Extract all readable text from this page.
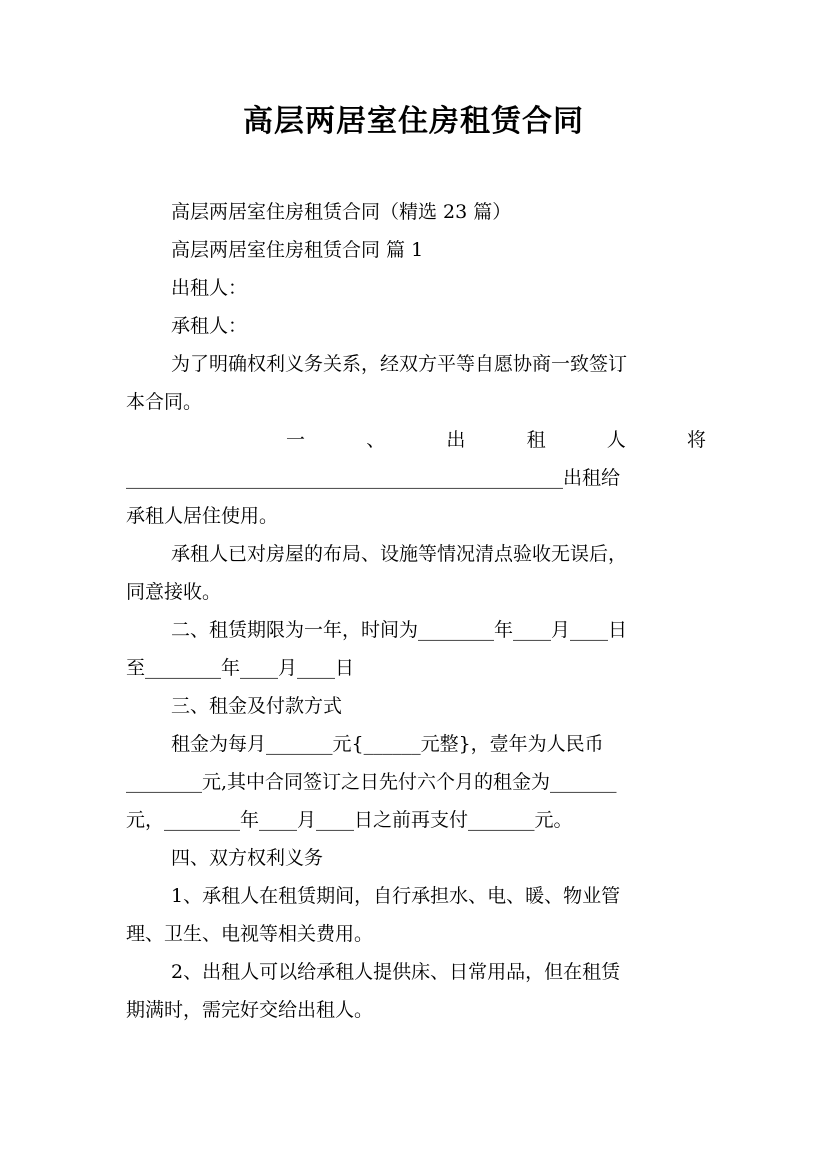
高层两居室住房租赁合同
高层两居室住房租赁合同（精选 23 篇）
高层两居室住房租赁合同 篇 1
出租人：
承租人：
为了明确权利义务关系，经双方平等自愿协商一致签订
本合同。
一	、	出	租	人	将
______________________________________________出租给
承租人居住使用。
承租人已对房屋的布局、设施等情况清点验收无误后，
同意接收。
二、租赁期限为一年，时间为________年____月____日
至________年____月____日
三、租金及付款方式
租金为每月_______元{______元整}，壹年为人民币
________元,其中合同签订之日先付六个月的租金为_______
元，________年____月____日之前再支付_______元。
四、双方权利义务
1、承租人在租赁期间，自行承担水、电、暖、物业管
理、卫生、电视等相关费用。
2、出租人可以给承租人提供床、日常用品，但在租赁
期满时，需完好交给出租人。
